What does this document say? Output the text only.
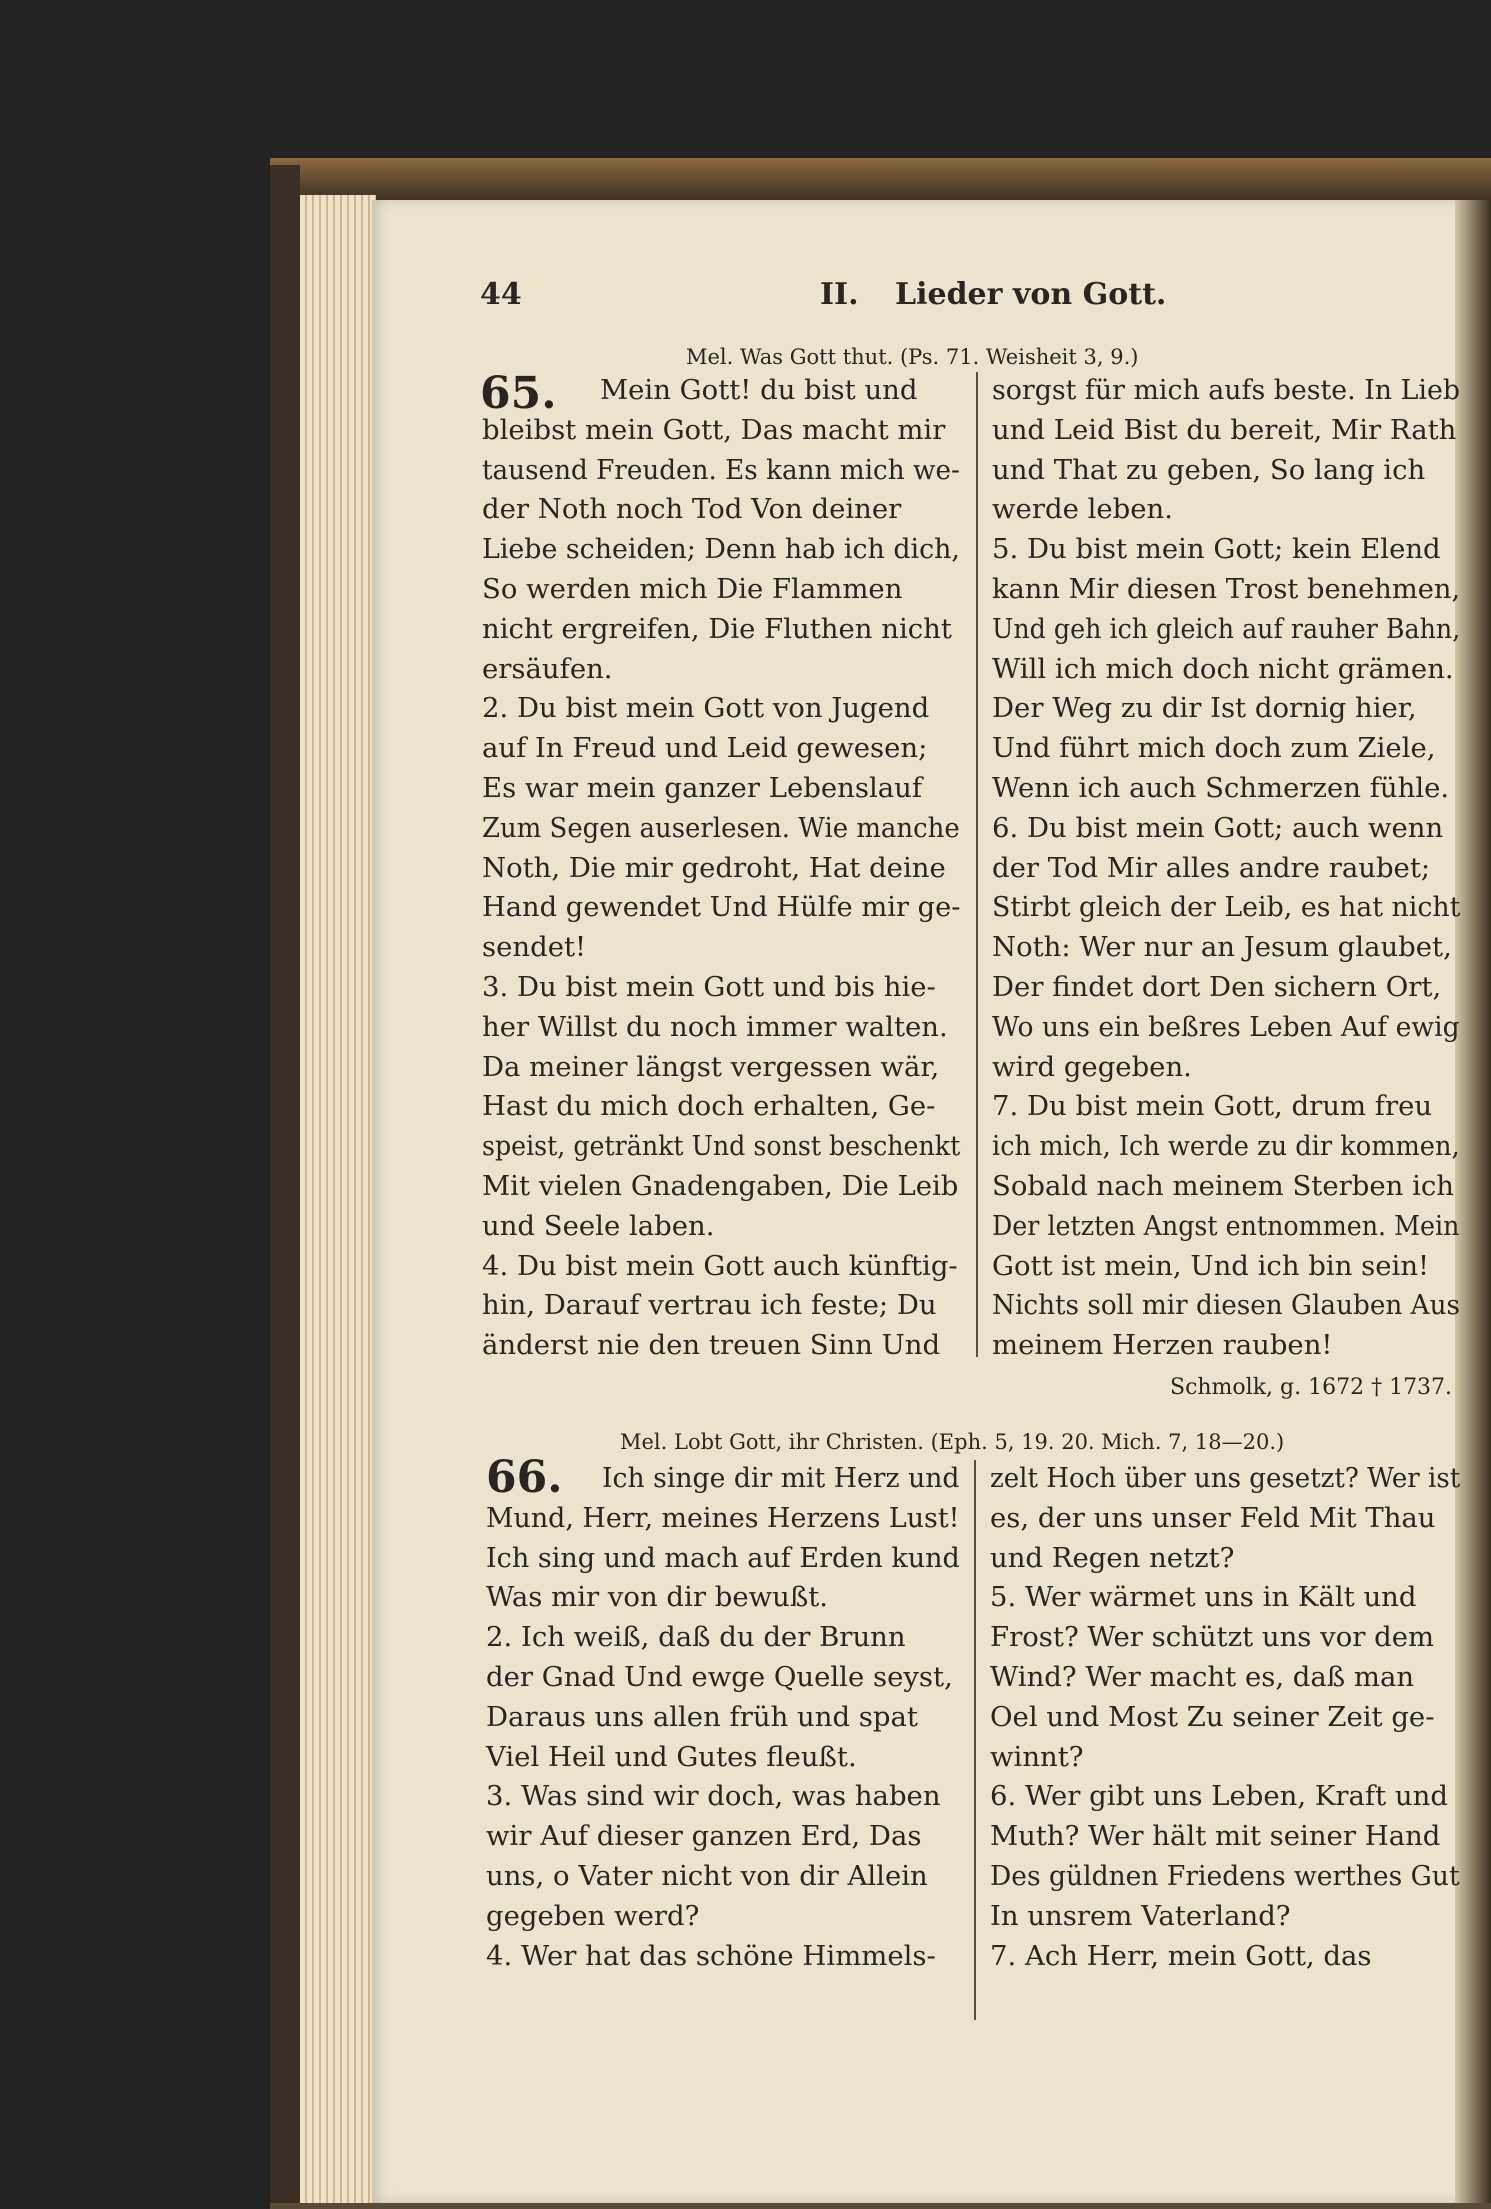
44	II. Lieder von Gott.
Mel. Was Gott thut. (Ps. 71. Weisheit 3, 9.)
65. Mein Gott! du bist und
bleibst mein Gott, Das macht mir
tausend Freuden. Es kann mich we-
der Noth noch Tod Von deiner
Liebe scheiden; Denn hab ich dich,
So werden mich Die Flammen
nicht ergreifen, Die Fluthen nicht
ersäufen.
2. Du bist mein Gott von Jugend
auf In Freud und Leid gewesen;
Es war mein ganzer Lebenslauf
Zum Segen auserlesen. Wie manche
Noth, Die mir gedroht, Hat deine
Hand gewendet Und Hülfe mir ge-
sendet!
3. Du bist mein Gott und bis hie-
her Willst du noch immer walten.
Da meiner längst vergessen wär,
Hast du mich doch erhalten, Ge-
speist, getränkt Und sonst beschenkt
Mit vielen Gnadengaben, Die Leib
und Seele laben.
4. Du bist mein Gott auch künftig-
hin, Darauf vertrau ich feste; Du
änderst nie den treuen Sinn Und
sorgst für mich aufs beste. In Lieb
und Leid Bist du bereit, Mir Rath
und That zu geben, So lang ich
werde leben.
5. Du bist mein Gott; kein Elend
kann Mir diesen Trost benehmen,
Und geh ich gleich auf rauher Bahn,
Will ich mich doch nicht grämen.
Der Weg zu dir Ist dornig hier,
Und führt mich doch zum Ziele,
Wenn ich auch Schmerzen fühle.
6. Du bist mein Gott; auch wenn
der Tod Mir alles andre raubet;
Stirbt gleich der Leib, es hat nicht
Noth: Wer nur an Jesum glaubet,
Der findet dort Den sichern Ort,
Wo uns ein beßres Leben Auf ewig
wird gegeben.
7. Du bist mein Gott, drum freu
ich mich, Ich werde zu dir kommen,
Sobald nach meinem Sterben ich
Der letzten Angst entnommen. Mein
Gott ist mein, Und ich bin sein!
Nichts soll mir diesen Glauben Aus
meinem Herzen rauben!
Schmolk, g. 1672 † 1737.
Mel. Lobt Gott, ihr Christen. (Eph. 5, 19. 20. Mich. 7, 18—20.)
66. Ich singe dir mit Herz und
Mund, Herr, meines Herzens Lust!
Ich sing und mach auf Erden kund
Was mir von dir bewußt.
2. Ich weiß, daß du der Brunn
der Gnad Und ewge Quelle seyst,
Daraus uns allen früh und spat
Viel Heil und Gutes fleußt.
3. Was sind wir doch, was haben
wir Auf dieser ganzen Erd, Das
uns, o Vater nicht von dir Allein
gegeben werd?
4. Wer hat das schöne Himmels-
zelt Hoch über uns gesetzt? Wer ist
es, der uns unser Feld Mit Thau
und Regen netzt?
5. Wer wärmet uns in Kält und
Frost? Wer schützt uns vor dem
Wind? Wer macht es, daß man
Oel und Most Zu seiner Zeit ge-
winnt?
6. Wer gibt uns Leben, Kraft und
Muth? Wer hält mit seiner Hand
Des güldnen Friedens werthes Gut
In unsrem Vaterland?
7. Ach Herr, mein Gott, das
